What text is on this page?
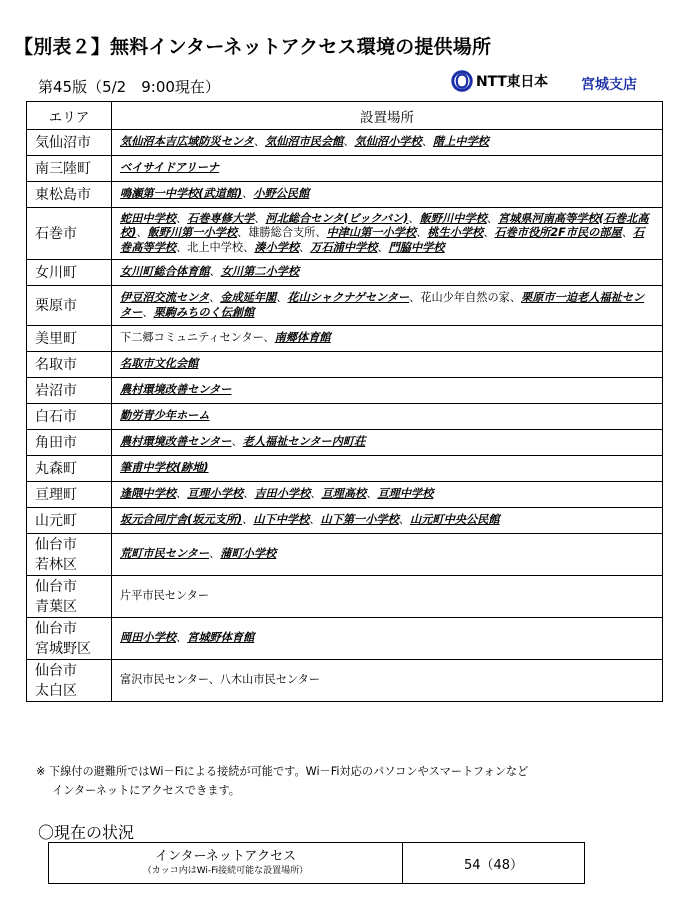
【別表２】無料インターネットアクセス環境の提供場所
第45版（5/2　9:00現在）	NTT東日本 宮城支店
エリア	設置場所
気仙沼市	気仙沼本吉広域防災センタ、気仙沼市民会館、気仙沼小学校、階上中学校
南三陸町	ベイサイドアリーナ
東松島市	鳴瀬第一中学校(武道館)、小野公民館
石巻市	蛇田中学校、石巻専修大学、河北総合センタ(ビックバン)、飯野川中学校、宮城県河南高等学校(石巻北高校)、飯野川第一小学校、雄勝総合支所、中津山第一小学校、桃生小学校、石巻市役所2F市民の部屋、石巻高等学校、北上中学校、湊小学校、万石浦中学校、門脇中学校
女川町	女川町総合体育館、女川第二小学校
栗原市	伊豆沼交流センタ、金成延年閣、花山シャクナゲセンター、花山少年自然の家、栗原市一迫老人福祉センター、栗駒みちのく伝創館
美里町	下二郷コミュニティセンター、南郷体育館
名取市	名取市文化会館
岩沼市	農村環境改善センター
白石市	勤労青少年ホーム
角田市	農村環境改善センター、老人福祉センター内町荘
丸森町	筆甫中学校(跡地)
亘理町	逢隈中学校、亘理小学校、吉田小学校、亘理高校、亘理中学校
山元町	坂元合同庁舎(坂元支所)、山下中学校、山下第一小学校、山元町中央公民館
仙台市
若林区	荒町市民センター、蒲町小学校
仙台市
青葉区	片平市民センター
仙台市
宮城野区	岡田小学校、宮城野体育館
仙台市
太白区	富沢市民センター、八木山市民センター
※ 下線付の避難所ではWi－Fiによる接続が可能です。Wi－Fi対応のパソコンやスマートフォンなど
インターネットにアクセスできます。
〇現在の状況
インターネットアクセス
（カッコ内はWi-Fi接続可能な設置場所）	54（48）
